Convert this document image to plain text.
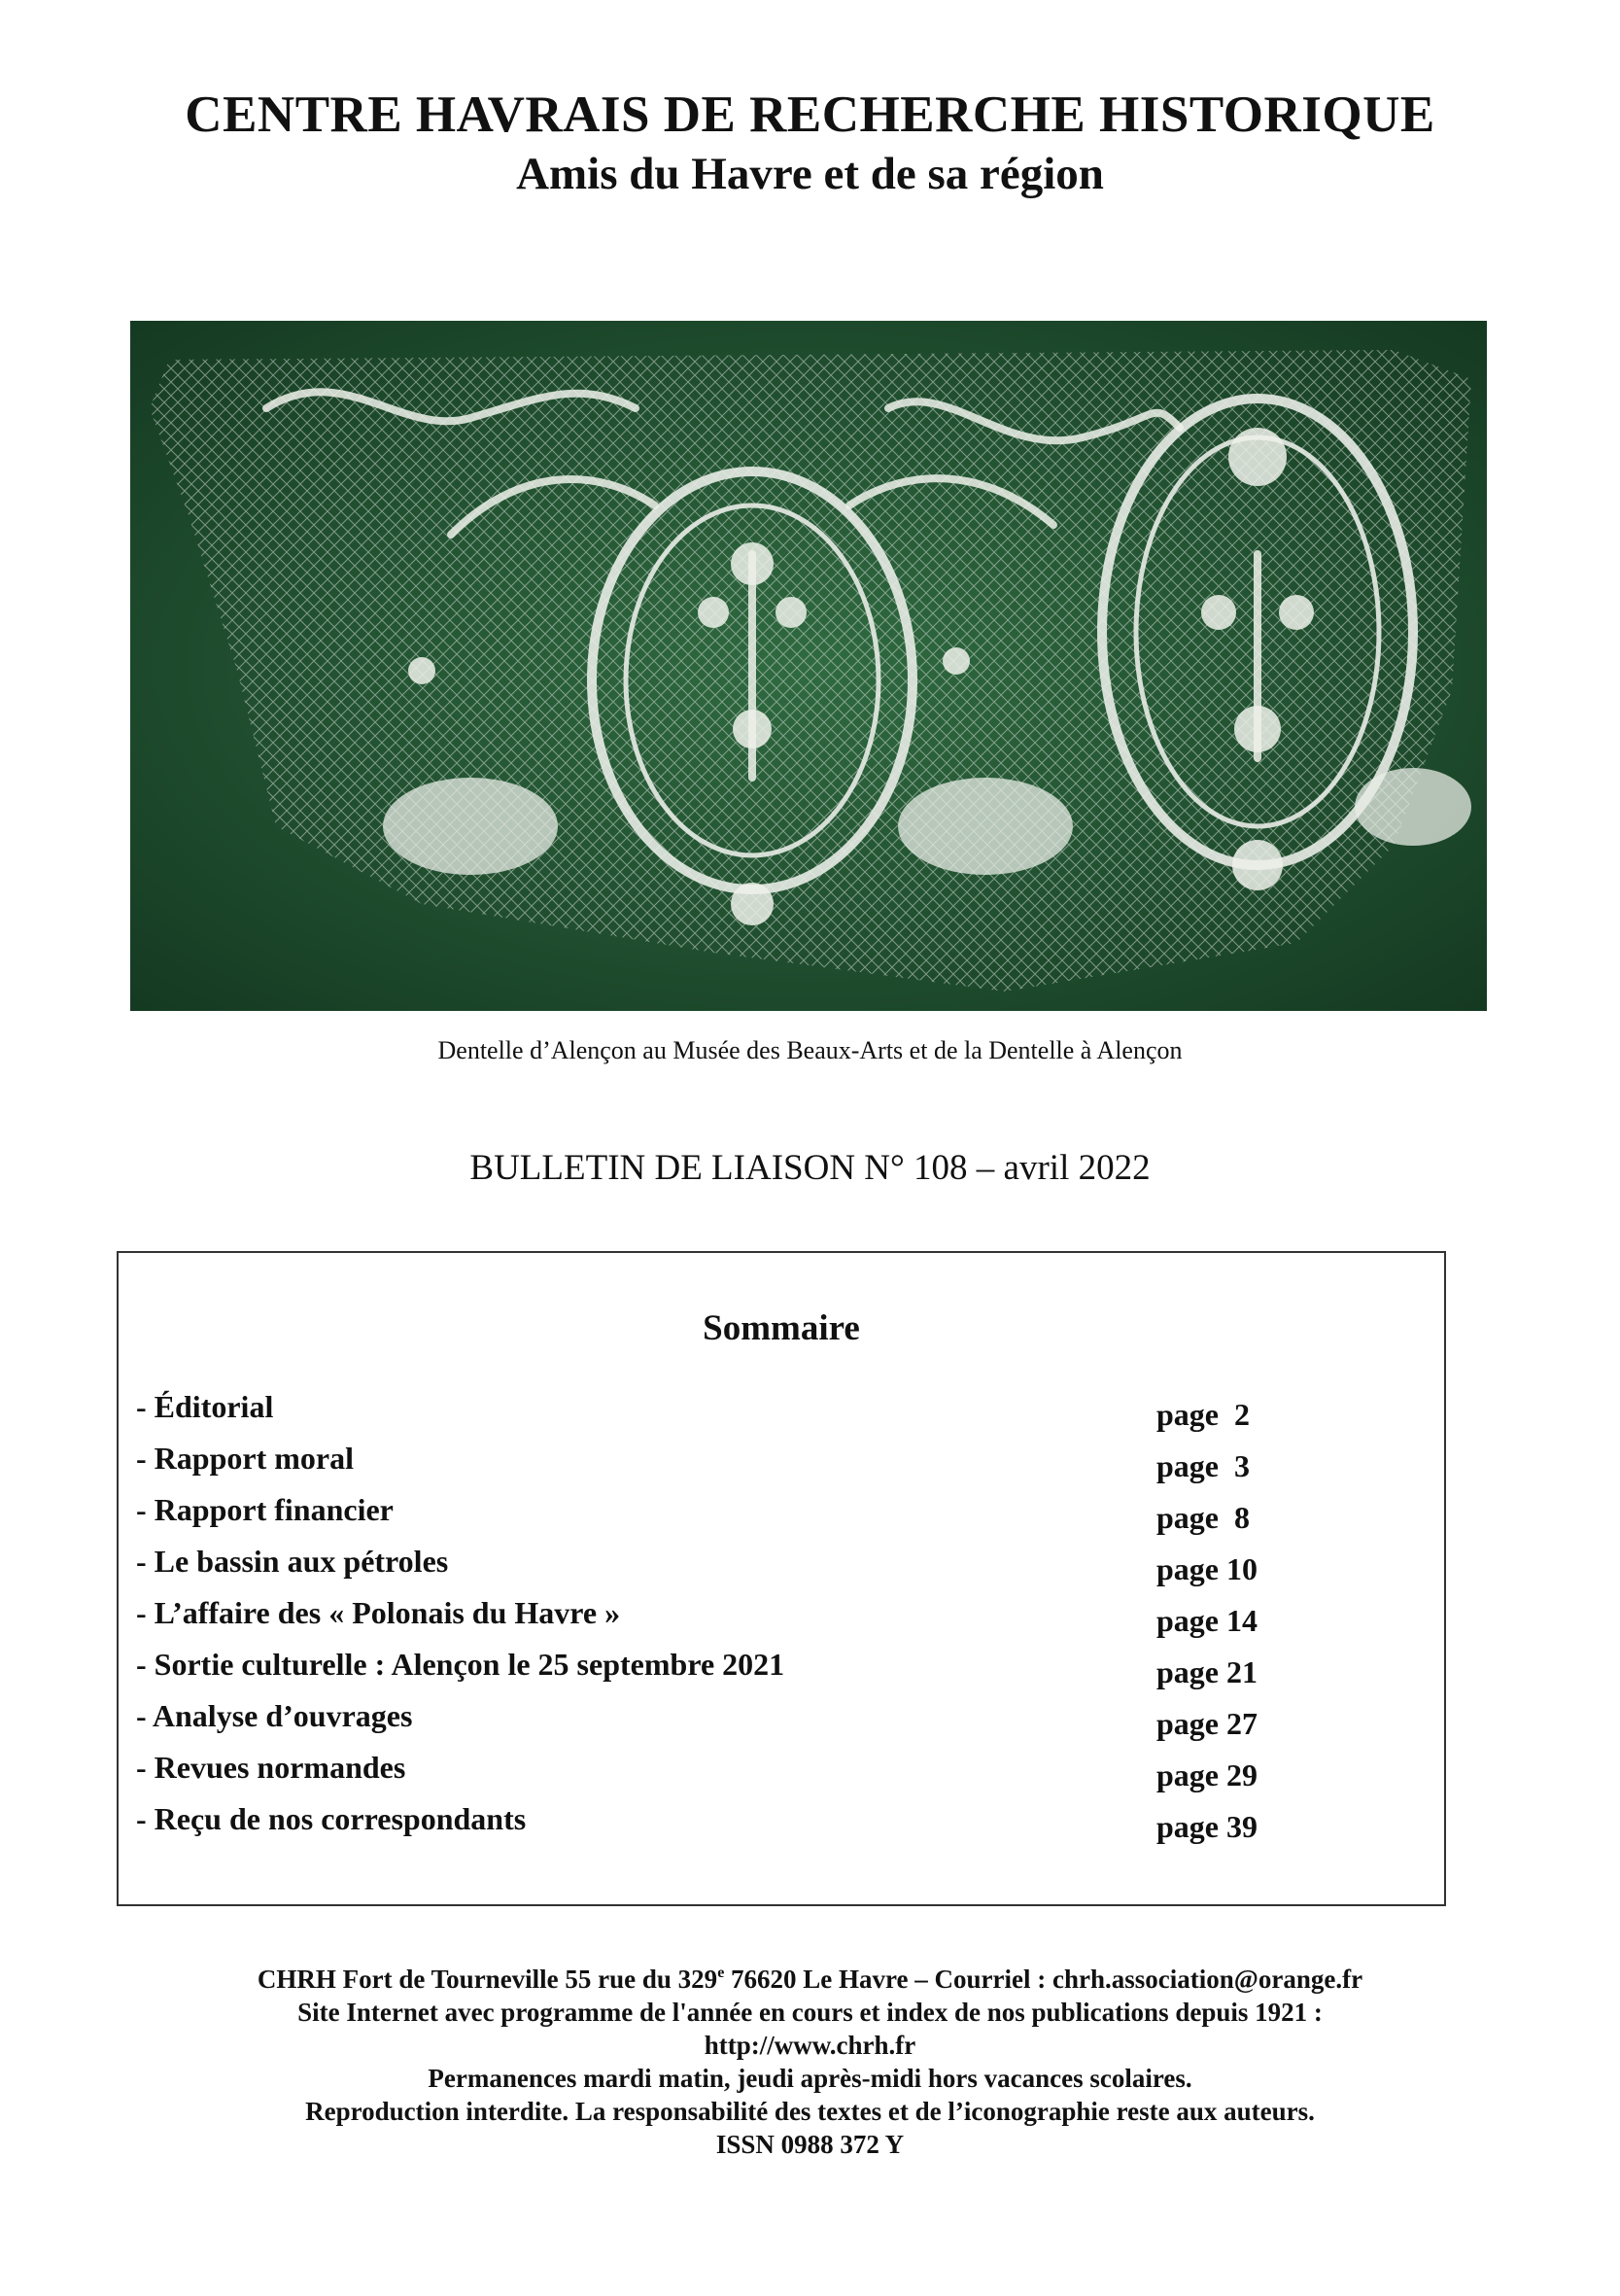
CENTRE HAVRAIS DE RECHERCHE HISTORIQUE
Amis du Havre et de sa région
Dentelle d’Alençon au Musée des Beaux-Arts et de la Dentelle à Alençon
BULLETIN DE LIAISON N° 108 – avril 2022
Sommaire
- Éditorial	page  2
- Rapport moral	page  3
- Rapport financier	page  8
- Le bassin aux pétroles	page 10
- L’affaire des « Polonais du Havre »	page 14
- Sortie culturelle : Alençon le 25 septembre 2021	page 21
- Analyse d’ouvrages	page 27
- Revues normandes	page 29
- Reçu de nos correspondants	page 39
CHRH Fort de Tourneville 55 rue du 329e 76620 Le Havre – Courriel : chrh.association@orange.fr
Site Internet avec programme de l'année en cours et index de nos publications depuis 1921 :
http://www.chrh.fr
Permanences mardi matin, jeudi après-midi hors vacances scolaires.
Reproduction interdite. La responsabilité des textes et de l’iconographie reste aux auteurs.
ISSN 0988 372 Y
